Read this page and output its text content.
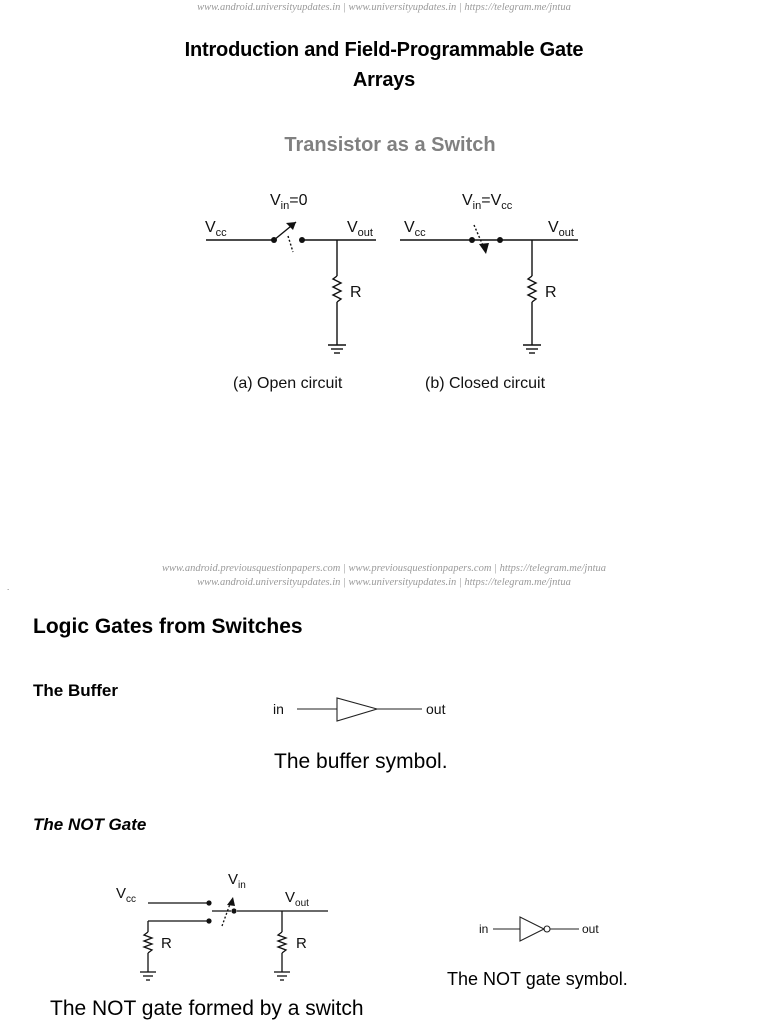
www.android.universityupdates.in | www.universityupdates.in | https://telegram.me/jntua
www.android.previousquestionpapers.com | www.previousquestionpapers.com | https://telegram.me/jntua
www.android.universityupdates.in | www.universityupdates.in | https://telegram.me/jntua
.
Introduction and Field-Programmable Gate
Arrays
Transistor as a Switch
$V_{cc}$
$V_{in}=0$
$V_{out}$
R
(a) Open circuit
$V_{cc}$
$V_{in}=V_{cc}$
$V_{out}$
R
(b) Closed circuit
Logic Gates from Switches
The Buffer
in	out
The buffer symbol.
The NOT Gate
$V_{cc}$
$V_{in}$
$V_{out}$
R	R
The NOT gate formed by a switch
in	out
The NOT gate symbol.
